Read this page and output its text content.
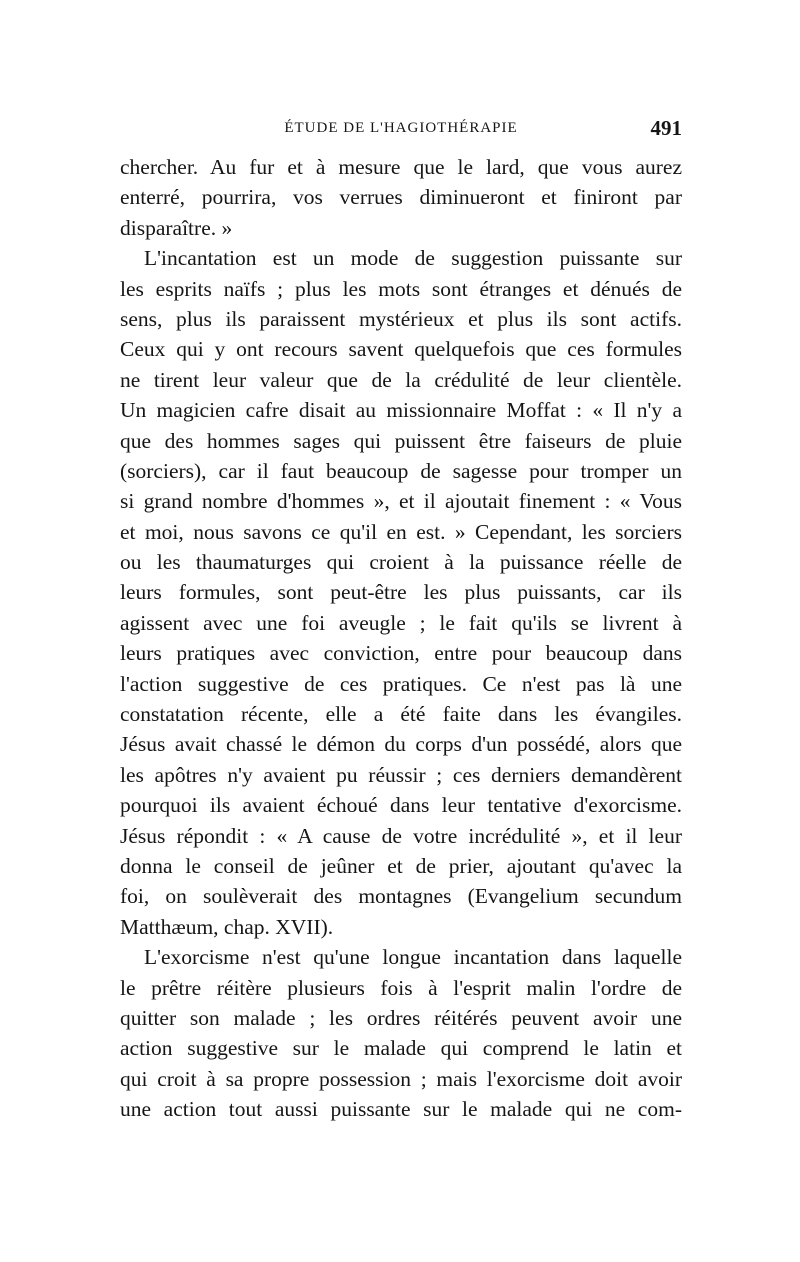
ÉTUDE DE L'HAGIOTHÉRAPIE	491
chercher. Au fur et à mesure que le lard, que vous aurez
enterré, pourrira, vos verrues diminueront et finiront par
disparaître. »
L'incantation est un mode de suggestion puissante sur
les esprits naïfs ; plus les mots sont étranges et dénués de
sens, plus ils paraissent mystérieux et plus ils sont actifs.
Ceux qui y ont recours savent quelquefois que ces formules
ne tirent leur valeur que de la crédulité de leur clientèle.
Un magicien cafre disait au missionnaire Moffat : « Il n'y a
que des hommes sages qui puissent être faiseurs de pluie
(sorciers), car il faut beaucoup de sagesse pour tromper un
si grand nombre d'hommes », et il ajoutait finement : « Vous
et moi, nous savons ce qu'il en est. » Cependant, les sorciers
ou les thaumaturges qui croient à la puissance réelle de
leurs formules, sont peut-être les plus puissants, car ils
agissent avec une foi aveugle ; le fait qu'ils se livrent à
leurs pratiques avec conviction, entre pour beaucoup dans
l'action suggestive de ces pratiques. Ce n'est pas là une
constatation récente, elle a été faite dans les évangiles.
Jésus avait chassé le démon du corps d'un possédé, alors que
les apôtres n'y avaient pu réussir ; ces derniers demandèrent
pourquoi ils avaient échoué dans leur tentative d'exorcisme.
Jésus répondit : « A cause de votre incrédulité », et il leur
donna le conseil de jeûner et de prier, ajoutant qu'avec la
foi, on soulèverait des montagnes (Evangelium secundum
Matthæum, chap. XVII).
L'exorcisme n'est qu'une longue incantation dans laquelle
le prêtre réitère plusieurs fois à l'esprit malin l'ordre de
quitter son malade ; les ordres réitérés peuvent avoir une
action suggestive sur le malade qui comprend le latin et
qui croit à sa propre possession ; mais l'exorcisme doit avoir
une action tout aussi puissante sur le malade qui ne com-
